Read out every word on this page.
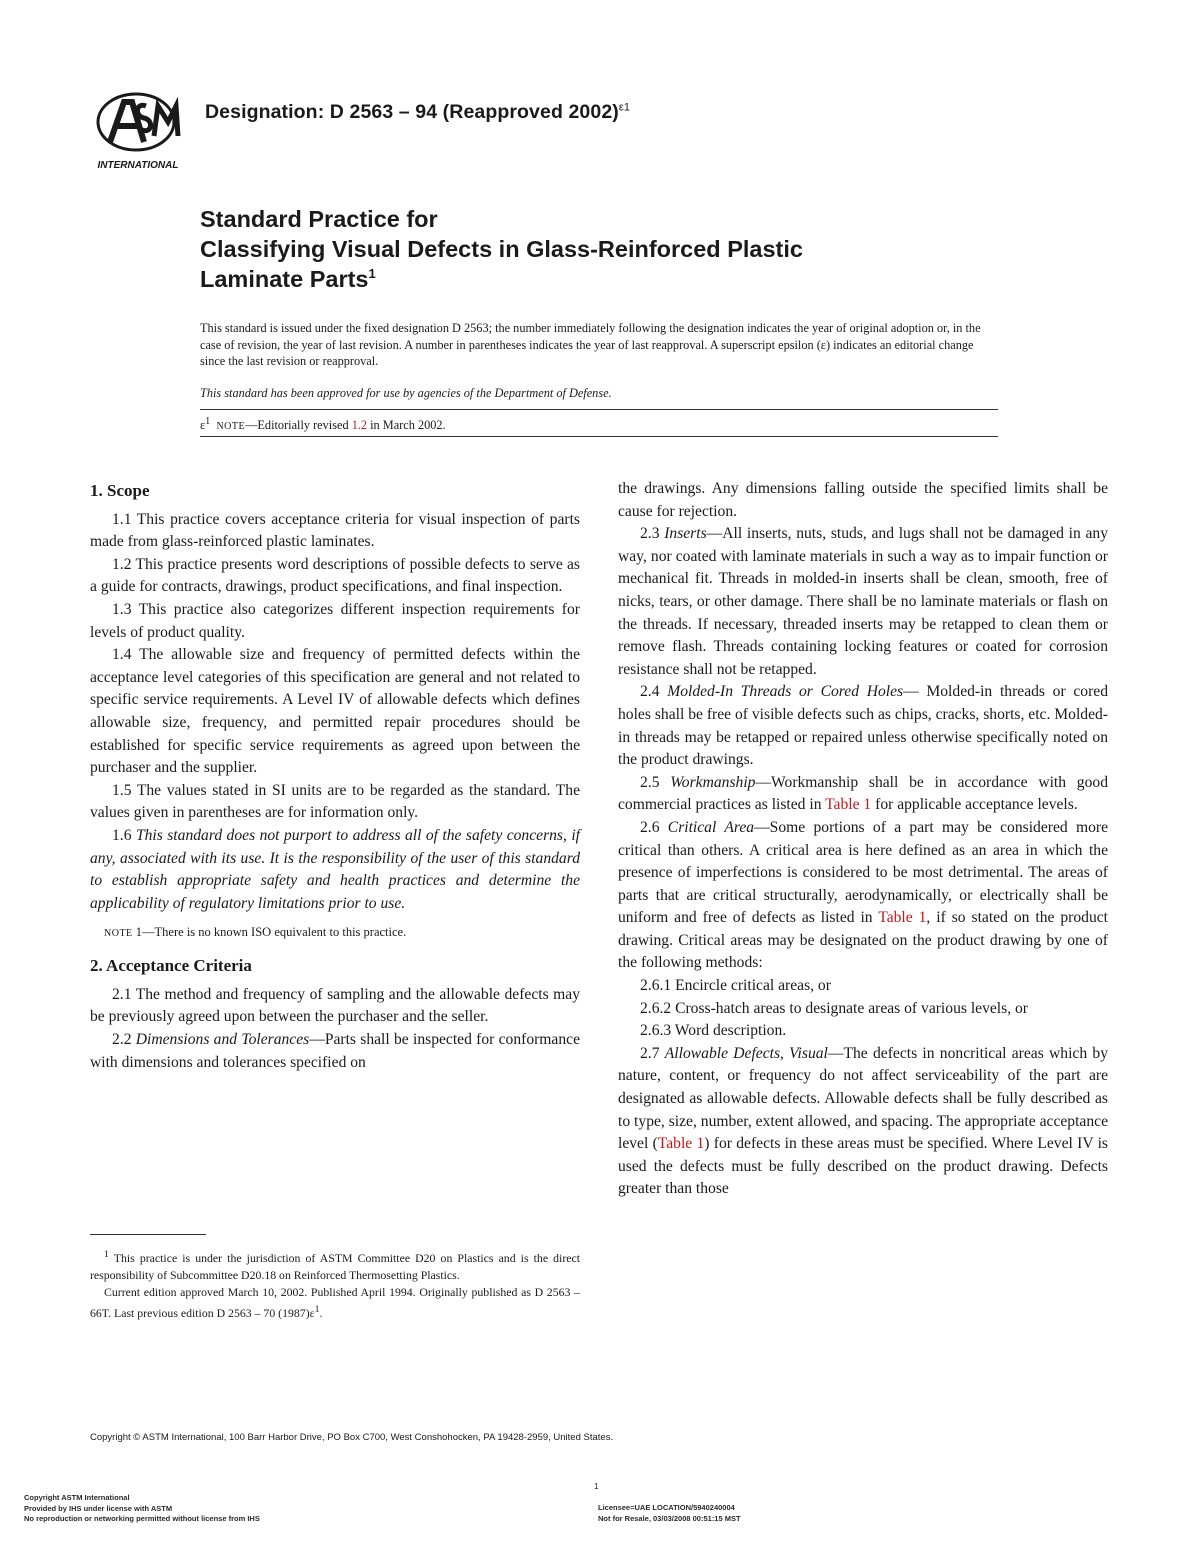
INTERNATIONAL
Designation: D 2563 – 94 (Reapproved 2002)$^{\varepsilon 1}$
Standard Practice for
Classifying Visual Defects in Glass-Reinforced Plastic
Laminate Parts$^1$
This standard is issued under the fixed designation D 2563; the number immediately following the designation indicates the year of original adoption or, in the case of revision, the year of last revision. A number in parentheses indicates the year of last reapproval. A superscript epsilon (ε) indicates an editorial change since the last revision or reapproval.
This standard has been approved for use by agencies of the Department of Defense.
$\varepsilon^1$ NOTE—Editorially revised 1.2 in March 2002.
1. Scope

1.1 This practice covers acceptance criteria for visual inspection of parts made from glass-reinforced plastic laminates.

1.2 This practice presents word descriptions of possible defects to serve as a guide for contracts, drawings, product specifications, and final inspection.

1.3 This practice also categorizes different inspection requirements for levels of product quality.

1.4 The allowable size and frequency of permitted defects within the acceptance level categories of this specification are general and not related to specific service requirements. A Level IV of allowable defects which defines allowable size, frequency, and permitted repair procedures should be established for specific service requirements as agreed upon between the purchaser and the supplier.

1.5 The values stated in SI units are to be regarded as the standard. The values given in parentheses are for information only.

1.6 This standard does not purport to address all of the safety concerns, if any, associated with its use. It is the responsibility of the user of this standard to establish appropriate safety and health practices and determine the applicability of regulatory limitations prior to use.

NOTE 1—There is no known ISO equivalent to this practice.

2. Acceptance Criteria

2.1 The method and frequency of sampling and the allowable defects may be previously agreed upon between the purchaser and the seller.

2.2 Dimensions and Tolerances—Parts shall be inspected for conformance with dimensions and tolerances specified on

the drawings. Any dimensions falling outside the specified limits shall be cause for rejection.

2.3 Inserts—All inserts, nuts, studs, and lugs shall not be damaged in any way, nor coated with laminate materials in such a way as to impair function or mechanical fit. Threads in molded-in inserts shall be clean, smooth, free of nicks, tears, or other damage. There shall be no laminate materials or flash on the threads. If necessary, threaded inserts may be retapped to clean them or remove flash. Threads containing locking features or coated for corrosion resistance shall not be retapped.

2.4 Molded-In Threads or Cored Holes— Molded-in threads or cored holes shall be free of visible defects such as chips, cracks, shorts, etc. Molded-in threads may be retapped or repaired unless otherwise specifically noted on the product drawings.

2.5 Workmanship—Workmanship shall be in accordance with good commercial practices as listed in Table 1 for applicable acceptance levels.

2.6 Critical Area—Some portions of a part may be considered more critical than others. A critical area is here defined as an area in which the presence of imperfections is considered to be most detrimental. The areas of parts that are critical structurally, aerodynamically, or electrically shall be uniform and free of defects as listed in Table 1, if so stated on the product drawing. Critical areas may be designated on the product drawing by one of the following methods:

2.6.1 Encircle critical areas, or

2.6.2 Cross-hatch areas to designate areas of various levels, or

2.6.3 Word description.

2.7 Allowable Defects, Visual—The defects in noncritical areas which by nature, content, or frequency do not affect serviceability of the part are designated as allowable defects. Allowable defects shall be fully described as to type, size, number, extent allowed, and spacing. The appropriate acceptance level (Table 1) for defects in these areas must be specified. Where Level IV is used the defects must be fully described on the product drawing. Defects greater than those

$^1$ This practice is under the jurisdiction of ASTM Committee D20 on Plastics and is the direct responsibility of Subcommittee D20.18 on Reinforced Thermosetting Plastics.

Current edition approved March 10, 2002. Published April 1994. Originally published as D 2563 – 66T. Last previous edition D 2563 – 70 $(1987)\varepsilon^1$.

Copyright © ASTM International, 100 Barr Harbor Drive, PO Box C700, West Conshohocken, PA 19428-2959, United States.
1
Copyright ASTM International
Provided by IHS under license with ASTM
No reproduction or networking permitted without license from IHS
Licensee=UAE LOCATION/5940240004
Not for Resale, 03/03/2008 00:51:15 MST
